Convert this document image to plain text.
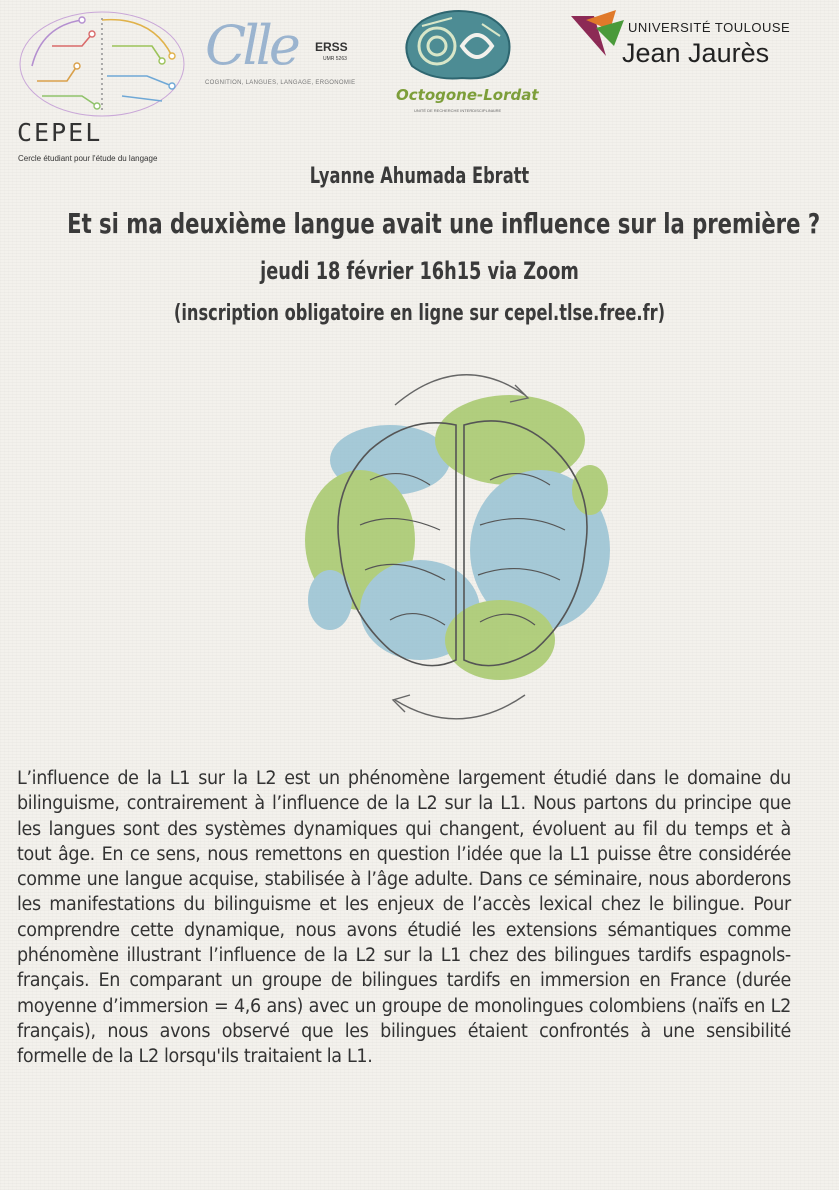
CEPEL
Cercle étudiant pour l'étude du langage
Clle ERSS
UMR 5263
COGNITION, LANGUES, LANGAGE, ERGONOMIE
Octogone-Lordat
UNITÉ DE RECHERCHE INTERDISCIPLINAIRE
UNIVERSITÉ TOULOUSE
Jean Jaurès
Lyanne Ahumada Ebratt
Et si ma deuxième langue avait une influence sur la première ?
jeudi 18 février 16h15 via Zoom
(inscription obligatoire en ligne sur cepel.tlse.free.fr)
L’influence de la L1 sur la L2 est un phénomène largement étudié dans le domaine du bilinguisme, contrairement à l’influence de la L2 sur la L1. Nous partons du principe que les langues sont des systèmes dynamiques qui changent, évoluent au fil du temps et à tout âge. En ce sens, nous remettons en question l’idée que la L1 puisse être considérée comme une langue acquise, stabilisée à l’âge adulte. Dans ce séminaire, nous aborderons les manifestations du bilinguisme et les enjeux de l’accès lexical chez le bilingue. Pour comprendre cette dynamique, nous avons étudié les extensions sémantiques comme phénomène illustrant l’influence de la L2 sur la L1 chez des bilingues tardifs espagnols-français. En comparant un groupe de bilingues tardifs en immersion en France (durée moyenne d’immersion = 4,6 ans) avec un groupe de monolingues colombiens (naïfs en L2 français), nous avons observé que les bilingues étaient confrontés à une sensibilité formelle de la L2 lorsqu'ils traitaient la L1.
